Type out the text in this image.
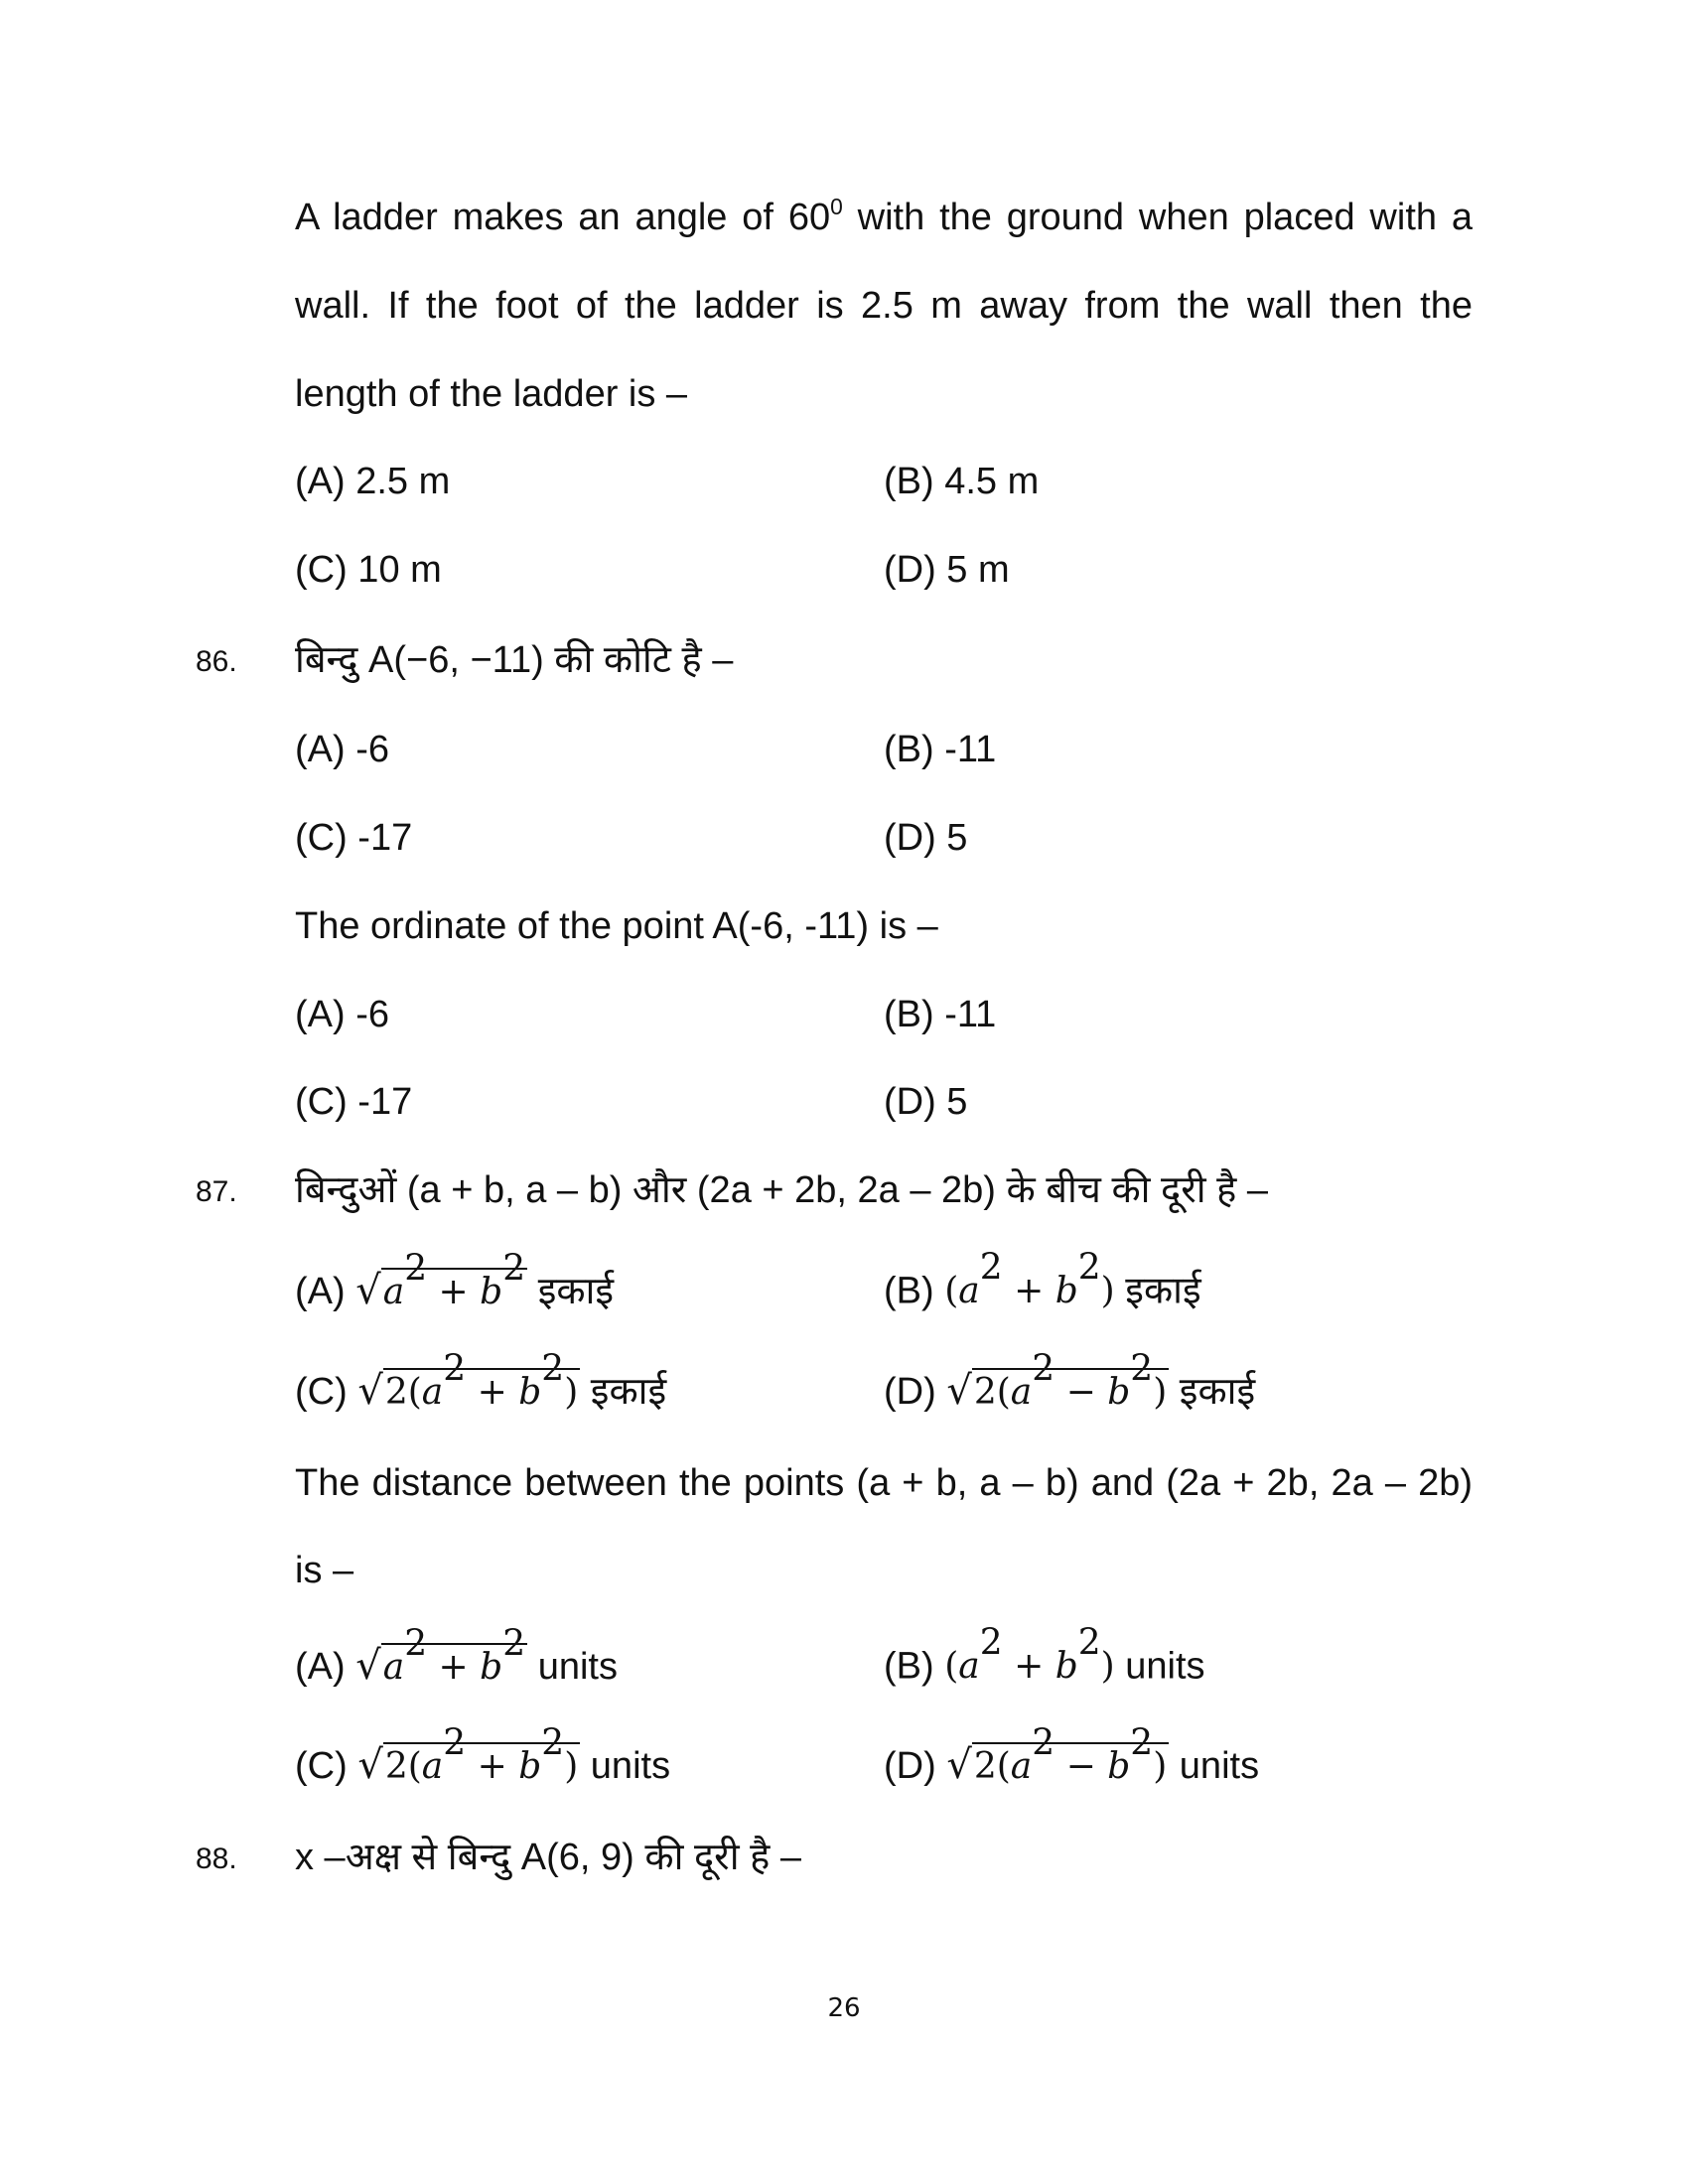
A ladder makes an angle of $60^0$ with the ground when placed with a
wall. If the foot of the ladder is 2.5 m away from the wall then the
length of the ladder is –
(A) 2.5 m	(B) 4.5 m
(C) 10 m	(D) 5 m
86. बिन्दु A(−6, −11) की कोटि है –
(A) -6	(B) -11
(C) -17	(D) 5
The ordinate of the point A(-6, -11) is –
(A) -6	(B) -11
(C) -17	(D) 5
87. बिन्दुओं (a + b, a – b) और (2a + 2b, 2a – 2b) के बीच की दूरी है –
(A) $√a^2 + b^2$ इकाई	(B) $(a^2 + b^2)$ इकाई
(C) $√2(a^2 + b^2)$ इकाई	(D) $√2(a^2 - b^2)$ इकाई
The distance between the points (a + b, a – b) and (2a + 2b, 2a – 2b)
is –
(A) $√a^2 + b^2$ units	(B) $(a^2 + b^2)$ units
(C) $√2(a^2 + b^2)$ units	(D) $√2(a^2 - b^2)$ units
88. x –अक्ष से बिन्दु A(6, 9) की दूरी है –
26
